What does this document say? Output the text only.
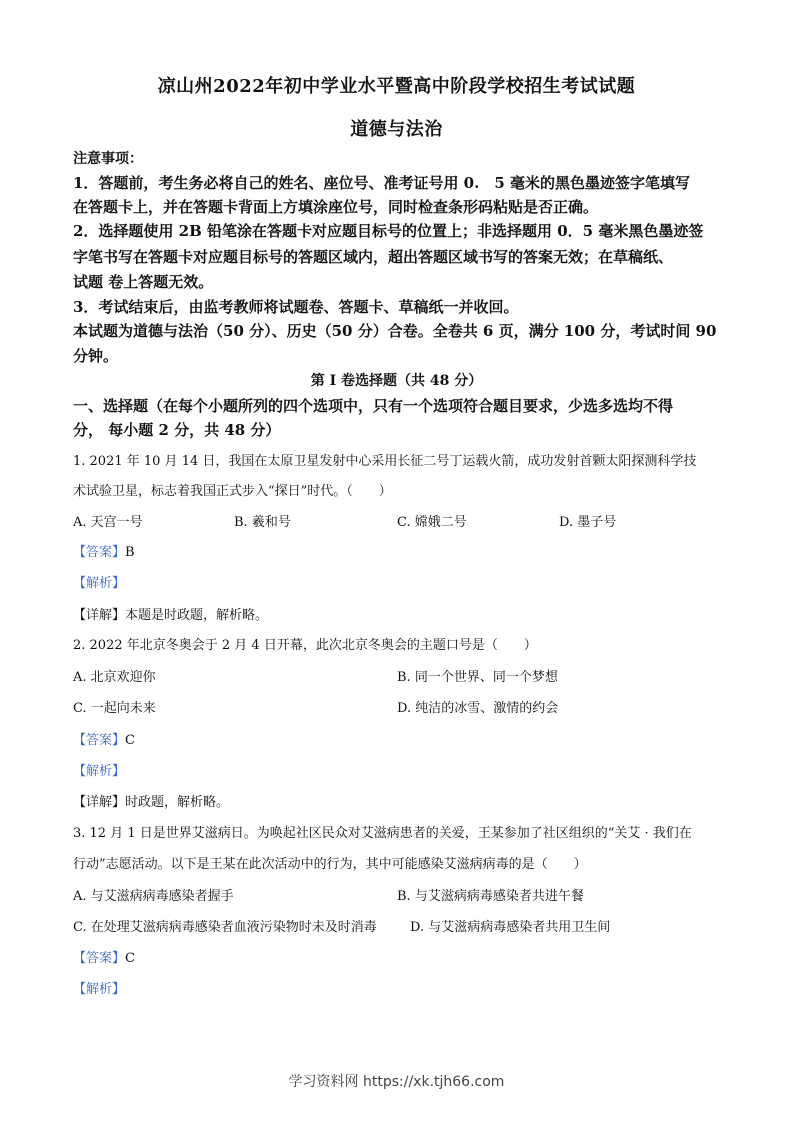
凉山州2022年初中学业水平暨高中阶段学校招生考试试题
道德与法治
注意事项：
1．答题前，考生务必将自己的姓名、座位号、准考证号用 0.　5 毫米的黑色墨迹签字笔填写
在答题卡上，并在答题卡背面上方填涂座位号，同时检查条形码粘贴是否正确。
2．选择题使用 2B 铅笔涂在答题卡对应题目标号的位置上；非选择题用 0．5 毫米黑色墨迹签
字笔书写在答题卡对应题目标号的答题区域内，超出答题区域书写的答案无效；在草稿纸、
试题 卷上答题无效。
3．考试结束后，由监考教师将试题卷、答题卡、草稿纸一并收回。
本试题为道德与法治（50 分）、历史（50 分）合卷。全卷共 6 页，满分 100 分，考试时间 90
分钟。
第 I 卷选择题（共 48 分）
一、选择题（在每个小题所列的四个选项中，只有一个选项符合题目要求，少选多选均不得
分， 每小题 2 分，共 48 分）
1. 2021 年 10 月 14 日，我国在太原卫星发射中心采用长征二号丁运载火箭，成功发射首颗太阳探测科学技
术试验卫星，标志着我国正式步入“探日”时代。（　　）
A. 天宫一号	B. 羲和号	C. 嫦娥二号	D. 墨子号
【答案】B
【解析】
【详解】本题是时政题，解析略。
2. 2022 年北京冬奥会于 2 月 4 日开幕，此次北京冬奥会的主题口号是（　　）
A. 北京欢迎你	B. 同一个世界、同一个梦想
C. 一起向未来	D. 纯洁的冰雪、激情的约会
【答案】C
【解析】
【详解】时政题，解析略。
3. 12 月 1 日是世界艾滋病日。为唤起社区民众对艾滋病患者的关爱，王某参加了社区组织的“关艾 · 我们在
行动”志愿活动。以下是王某在此次活动中的行为，其中可能感染艾滋病病毒的是（　　）
A. 与艾滋病病毒感染者握手	B. 与艾滋病病毒感染者共进午餐
C. 在处理艾滋病病毒感染者血液污染物时未及时消毒	D. 与艾滋病病毒感染者共用卫生间
【答案】C
【解析】
学习资料网 https://xk.tjh66.com
